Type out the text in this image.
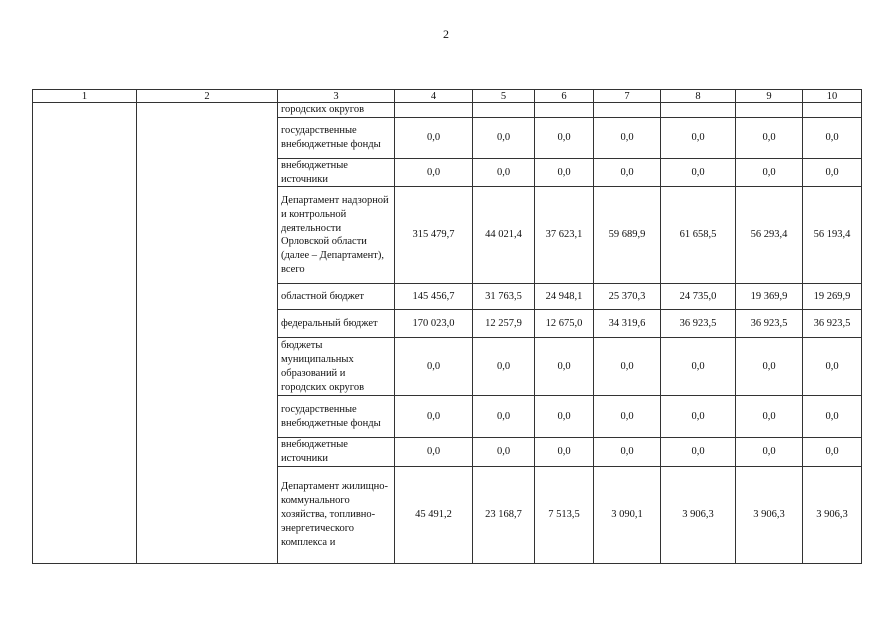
2
1	2	3	4	5	6	7	8	9	10
		городских округов							
		государственные внебюджетные фонды	0,0	0,0	0,0	0,0	0,0	0,0	0,0
		внебюджетные источники	0,0	0,0	0,0	0,0	0,0	0,0	0,0
		Департамент надзорной и контрольной деятельности Орловской области (далее – Департамент), всего	315 479,7	44 021,4	37 623,1	59 689,9	61 658,5	56 293,4	56 193,4
		областной бюджет	145 456,7	31 763,5	24 948,1	25 370,3	24 735,0	19 369,9	19 269,9
		федеральный бюджет	170 023,0	12 257,9	12 675,0	34 319,6	36 923,5	36 923,5	36 923,5
		бюджеты муниципальных образований и городских округов	0,0	0,0	0,0	0,0	0,0	0,0	0,0
		государственные внебюджетные фонды	0,0	0,0	0,0	0,0	0,0	0,0	0,0
		внебюджетные источники	0,0	0,0	0,0	0,0	0,0	0,0	0,0
		Департамент жилищно-коммунального хозяйства, топливно-энергетического комплекса и	45 491,2	23 168,7	7 513,5	3 090,1	3 906,3	3 906,3	3 906,3
